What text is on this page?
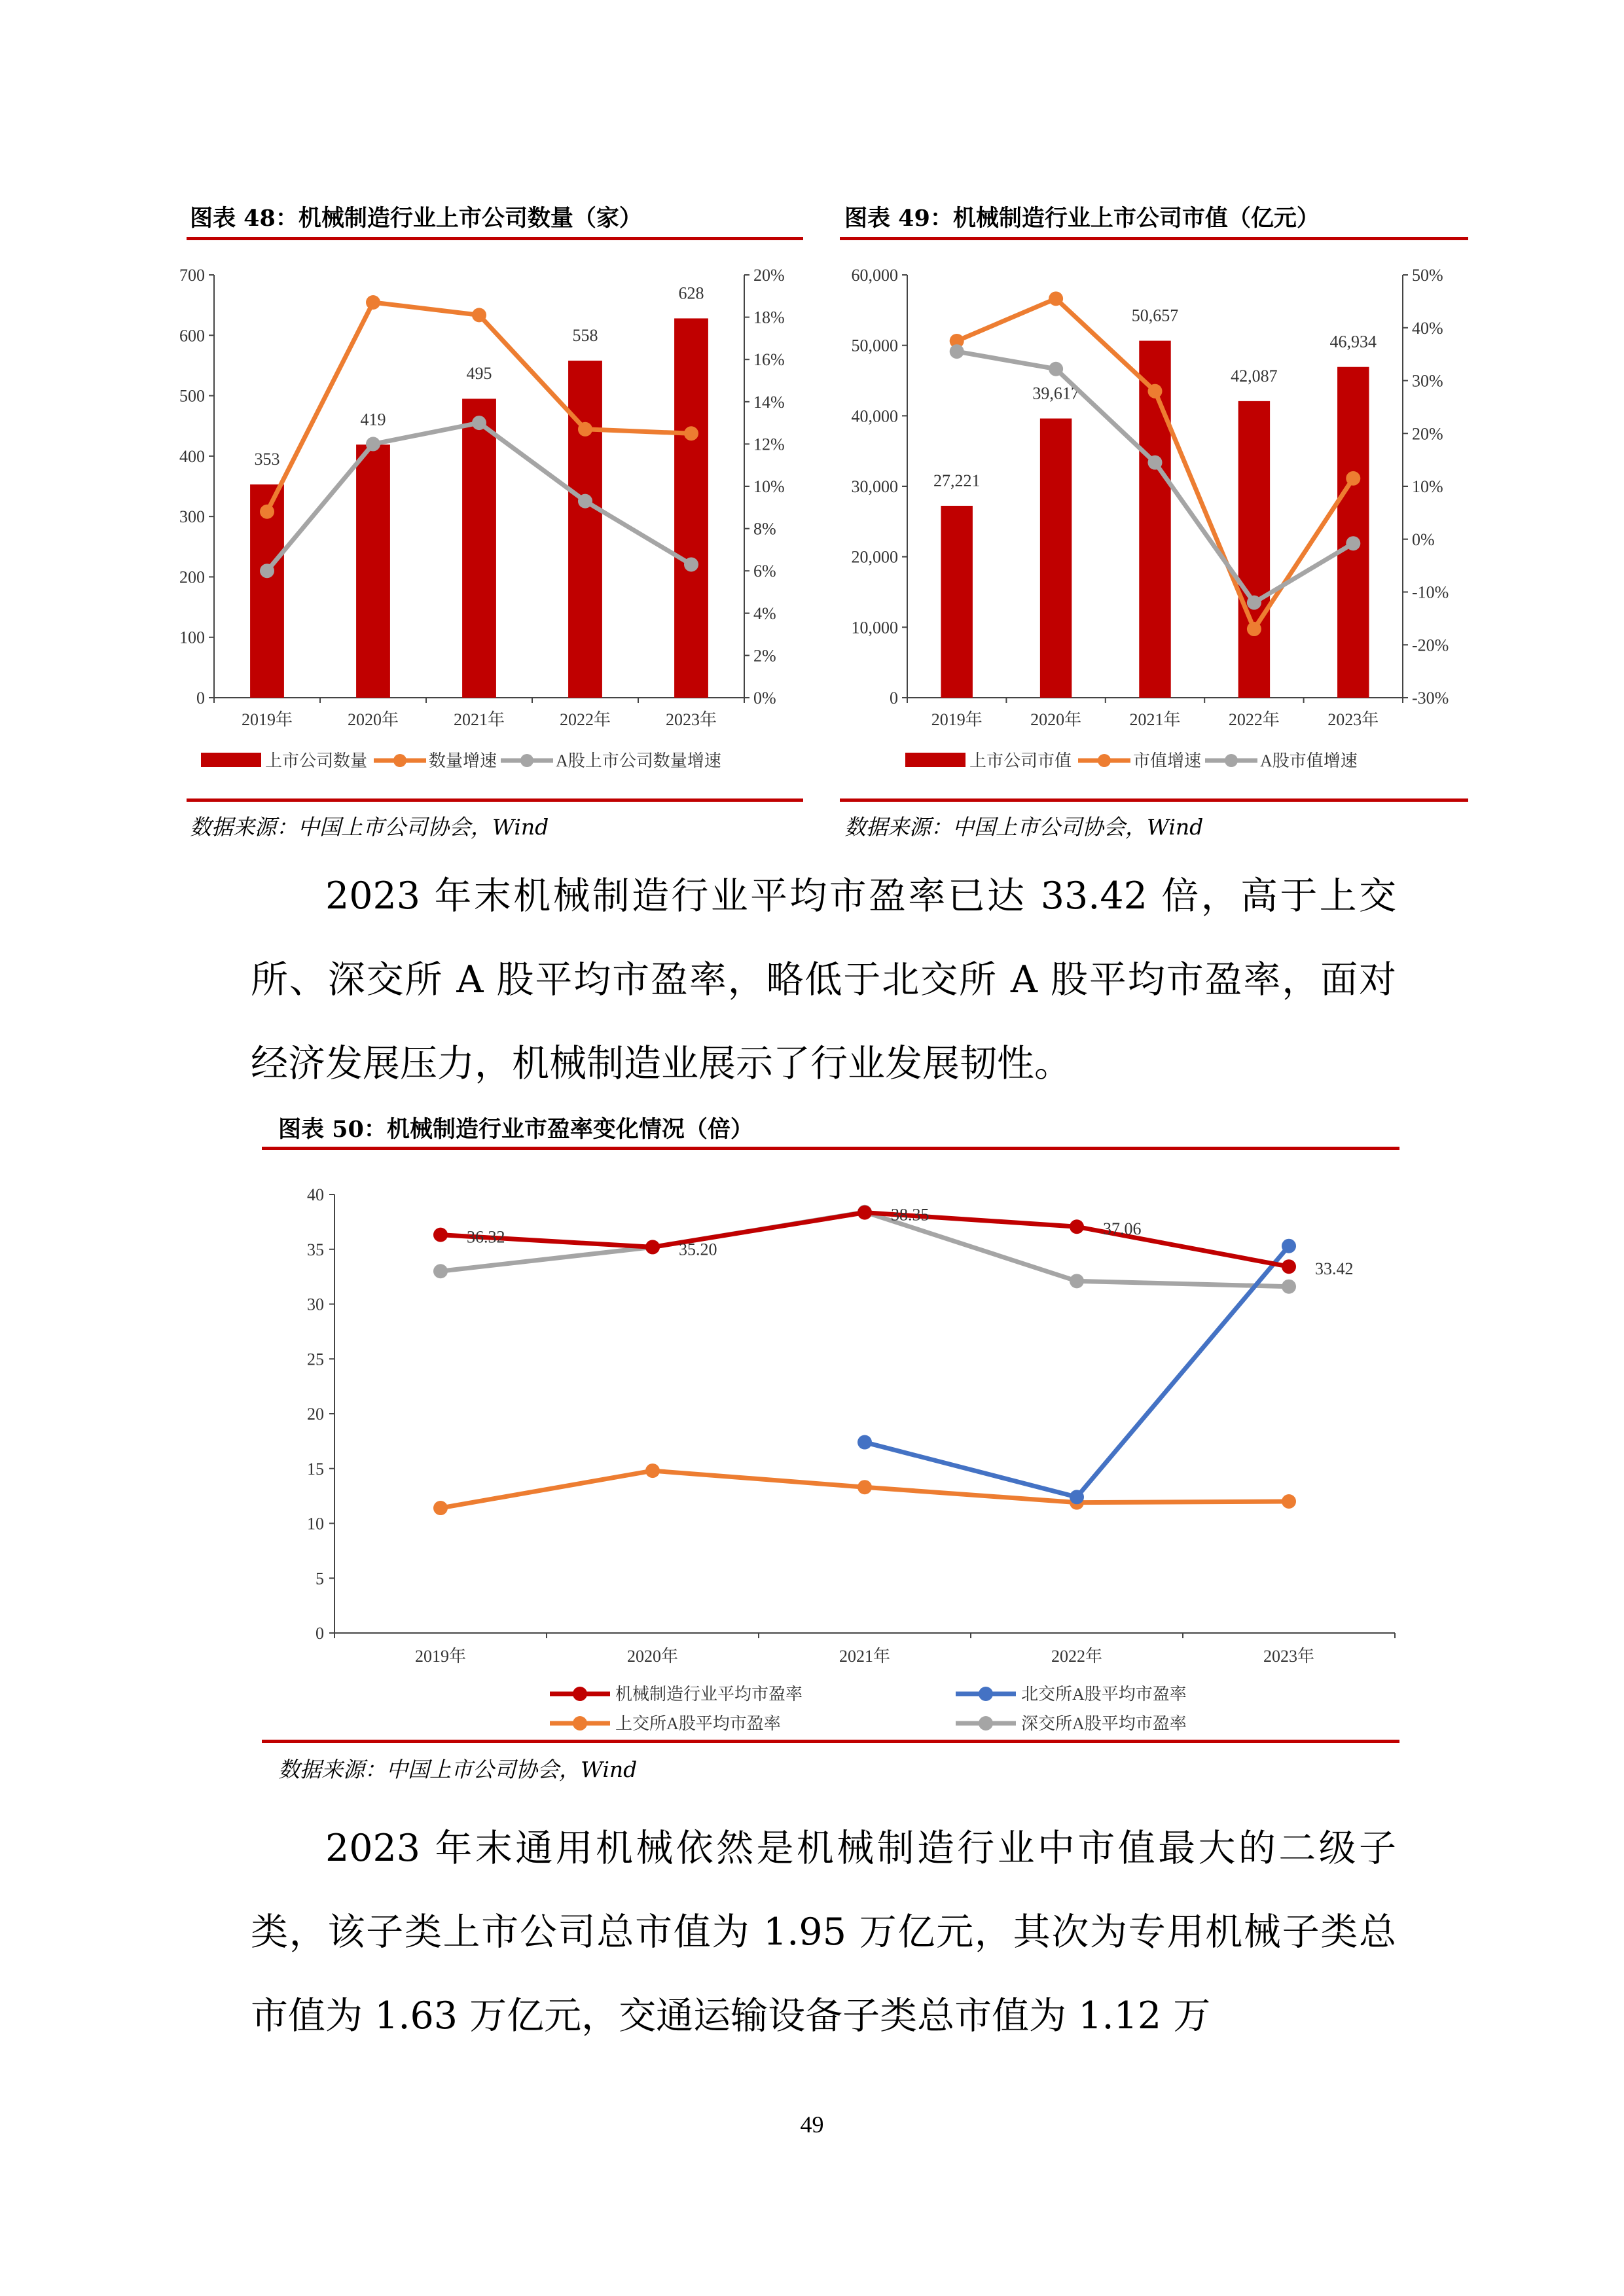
图表 48：机械制造行业上市公司数量（家）
0
100
200
300
400
500
600
700
0%
2%
4%
6%
8%
10%
12%
14%
16%
18%
20%
2019年	2020年	2021年	2022年	2023年
353
419
495
558
628
上市公司数量	数量增速	A股上市公司数量增速
数据来源：中国上市公司协会，Wind
图表 49：机械制造行业上市公司市值（亿元）
0
10,000
20,000
30,000
40,000
50,000
60,000
-30%
-20%
-10%
0%
10%
20%
30%
40%
50%
2019年	2020年	2021年	2022年	2023年
27,221
39,617
50,657
42,087
46,934
上市公司市值	市值增速	A股市值增速
数据来源：中国上市公司协会，Wind

2023 年末机械制造行业平均市盈率已达 33.42 倍，高于上交所、深交所 A 股平均市盈率，略低于北交所 A 股平均市盈率，面对经济发展压力，机械制造业展示了行业发展韧性。

图表 50：机械制造行业市盈率变化情况（倍）
0
5
10
15
20
25
30
35
40
2019年	2020年	2021年	2022年	2023年
36.32
35.20
38.35
37.06
33.42
机械制造行业平均市盈率	北交所A股平均市盈率
上交所A股平均市盈率	深交所A股平均市盈率
数据来源：中国上市公司协会，Wind

2023 年末通用机械依然是机械制造行业中市值最大的二级子类，该子类上市公司总市值为 1.95 万亿元，其次为专用机械子类总市值为 1.63 万亿元，交通运输设备子类总市值为 1.12 万

49
